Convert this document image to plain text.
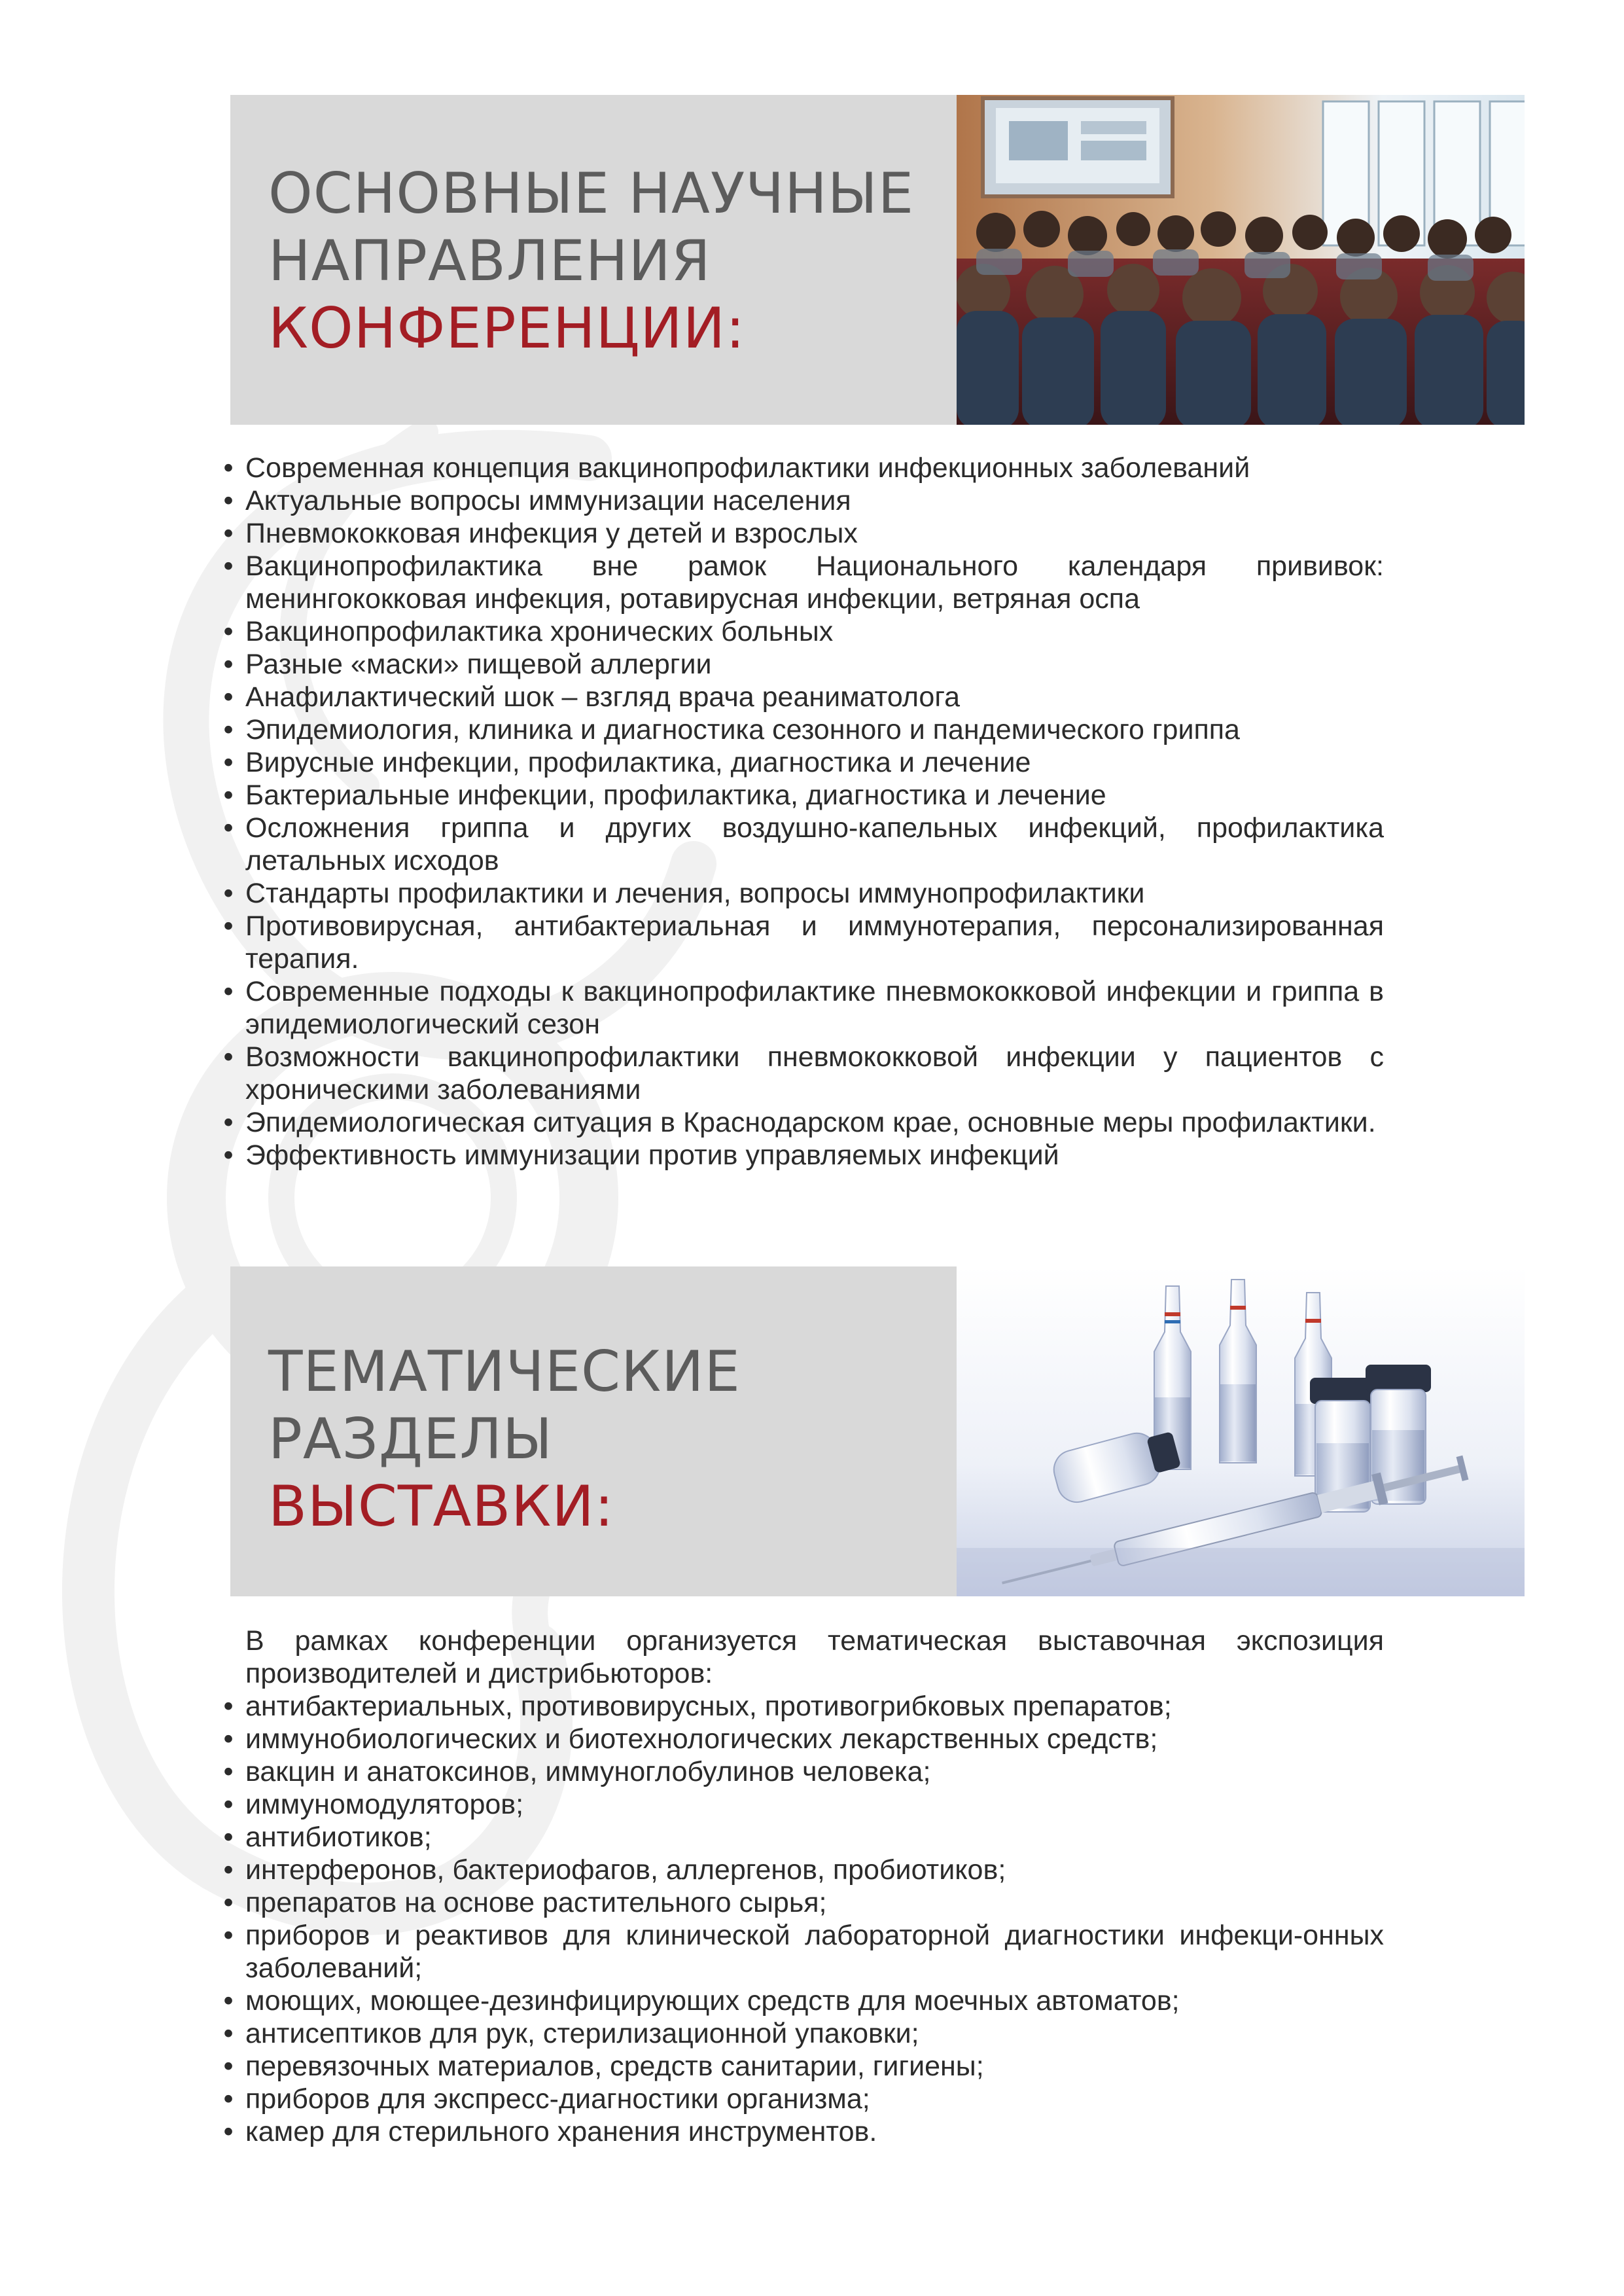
ОСНОВНЫЕ НАУЧНЫЕ
НАПРАВЛЕНИЯ
КОНФЕРЕНЦИИ:
• Современная концепция вакцинопрофилактики инфекционных заболеваний
• Актуальные вопросы иммунизации населения
• Пневмококковая инфекция у детей и взрослых
• Вакцинопрофилактика вне рамок Национального календаря прививок: менингококковая инфекция, ротавирусная инфекции, ветряная оспа
• Вакцинопрофилактика хронических больных
• Разные «маски» пищевой аллергии
• Анафилактический шок – взгляд врача реаниматолога
• Эпидемиология, клиника и диагностика сезонного и пандемического гриппа
• Вирусные инфекции, профилактика, диагностика и лечение
• Бактериальные инфекции, профилактика, диагностика и лечение
• Осложнения гриппа и других воздушно-капельных инфекций, профилактика летальных исходов
• Стандарты профилактики и лечения, вопросы иммунопрофилактики
• Противовирусная, антибактериальная и иммунотерапия, персонализированная терапия.
• Современные подходы к вакцинопрофилактике пневмококковой инфекции и гриппа в эпидемиологический сезон
• Возможности вакцинопрофилактики пневмококковой инфекции у пациентов с хроническими заболеваниями
• Эпидемиологическая ситуация в Краснодарском крае, основные меры профилактики.
• Эффективность иммунизации против управляемых инфекций
ТЕМАТИЧЕСКИЕ
РАЗДЕЛЫ
ВЫСТАВКИ:

В рамках конференции организуется тематическая выставочная экспозиция производителей и дистрибьюторов:

• антибактериальных, противовирусных, противогрибковых препаратов;
• иммунобиологических и биотехнологических лекарственных средств;
• вакцин и анатоксинов, иммуноглобулинов человека;
• иммуномодуляторов;
• антибиотиков;
• интерферонов, бактериофагов, аллергенов, пробиотиков;
• препаратов на основе растительного сырья;
• приборов и реактивов для клинической лабораторной диагностики инфекци-онных заболеваний;
• моющих, моющее-дезинфицирующих средств для моечных автоматов;
• антисептиков для рук, стерилизационной упаковки;
• перевязочных материалов, средств санитарии, гигиены;
• приборов для экспресс-диагностики организма;
• камер для стерильного хранения инструментов.
